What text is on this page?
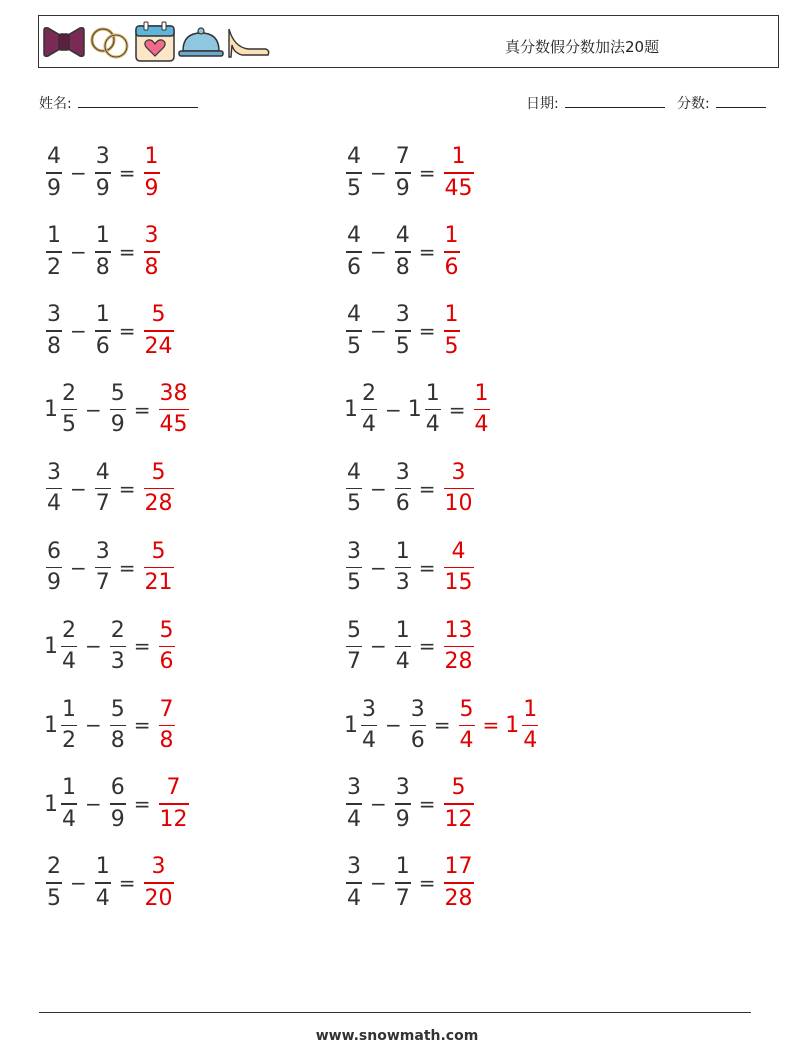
真分数假分数加法20题
姓名:	日期:	分数:
$\frac{4}{9} - \frac{3}{9} = \frac{1}{9}$	$\frac{4}{5} - \frac{7}{9} = \frac{1}{45}$
$\frac{1}{2} - \frac{1}{8} = \frac{3}{8}$	$\frac{4}{6} - \frac{4}{8} = \frac{1}{6}$
$\frac{3}{8} - \frac{1}{6} = \frac{5}{24}$	$\frac{4}{5} - \frac{3}{5} = \frac{1}{5}$
$1 \frac{2}{5} - \frac{5}{9} = \frac{38}{45}$	$1 \frac{2}{4} - 1 \frac{1}{4} = \frac{1}{4}$
$\frac{3}{4} - \frac{4}{7} = \frac{5}{28}$	$\frac{4}{5} - \frac{3}{6} = \frac{3}{10}$
$\frac{6}{9} - \frac{3}{7} = \frac{5}{21}$	$\frac{3}{5} - \frac{1}{3} = \frac{4}{15}$
$1 \frac{2}{4} - \frac{2}{3} = \frac{5}{6}$	$\frac{5}{7} - \frac{1}{4} = \frac{13}{28}$
$1 \frac{1}{2} - \frac{5}{8} = \frac{7}{8}$	$1 \frac{3}{4} - \frac{3}{6} = \frac{5}{4} = 1 \frac{1}{4}$
$1 \frac{1}{4} - \frac{6}{9} = \frac{7}{12}$	$\frac{3}{4} - \frac{3}{9} = \frac{5}{12}$
$\frac{2}{5} - \frac{1}{4} = \frac{3}{20}$	$\frac{3}{4} - \frac{1}{7} = \frac{17}{28}$
www.snowmath.com
